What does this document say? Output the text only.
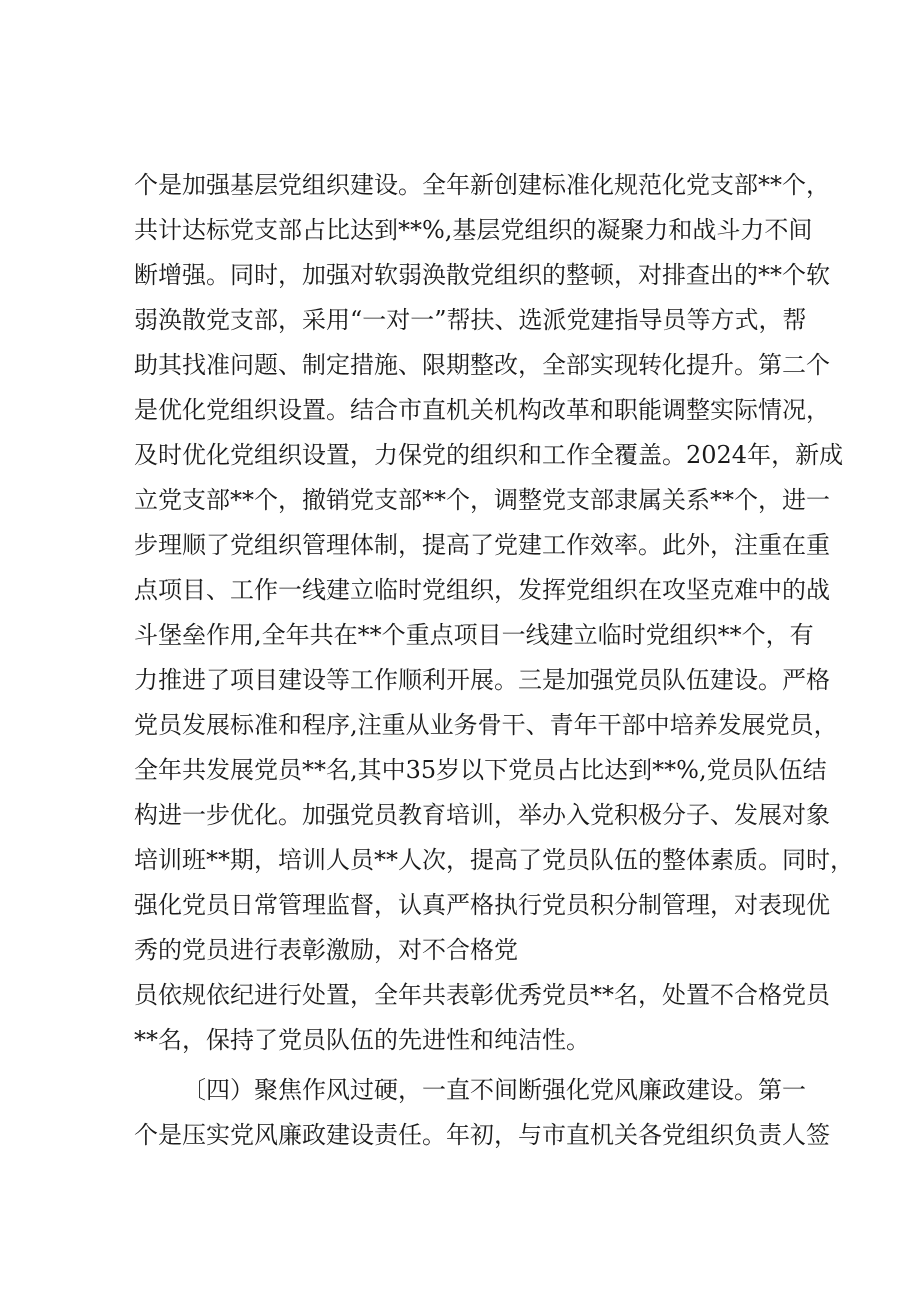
个是加强基层党组织建设。全年新创建标准化规范化党支部**个，
共计达标党支部占比达到**%,基层党组织的凝聚力和战斗力不间
断增强。同时，加强对软弱涣散党组织的整顿，对排查出的**个软
弱涣散党支部，采用“一对一”帮扶、选派党建指导员等方式，帮
助其找准问题、制定措施、限期整改，全部实现转化提升。第二个
是优化党组织设置。结合市直机关机构改革和职能调整实际情况，
及时优化党组织设置，力保党的组织和工作全覆盖。2024年，新成
立党支部**个，撤销党支部**个，调整党支部隶属关系**个，进一
步理顺了党组织管理体制，提高了党建工作效率。此外，注重在重
点项目、工作一线建立临时党组织，发挥党组织在攻坚克难中的战
斗堡垒作用,全年共在**个重点项目一线建立临时党组织**个，有
力推进了项目建设等工作顺利开展。三是加强党员队伍建设。严格
党员发展标准和程序,注重从业务骨干、青年干部中培养发展党员，
全年共发展党员**名,其中35岁以下党员占比达到**%,党员队伍结
构进一步优化。加强党员教育培训，举办入党积极分子、发展对象
培训班**期，培训人员**人次，提高了党员队伍的整体素质。同时，
强化党员日常管理监督，认真严格执行党员积分制管理，对表现优
秀的党员进行表彰激励，对不合格党
员依规依纪进行处置，全年共表彰优秀党员**名，处置不合格党员
**名，保持了党员队伍的先进性和纯洁性。
〔四）聚焦作风过硬，一直不间断强化党风廉政建设。第一
个是压实党风廉政建设责任。年初，与市直机关各党组织负责人签
